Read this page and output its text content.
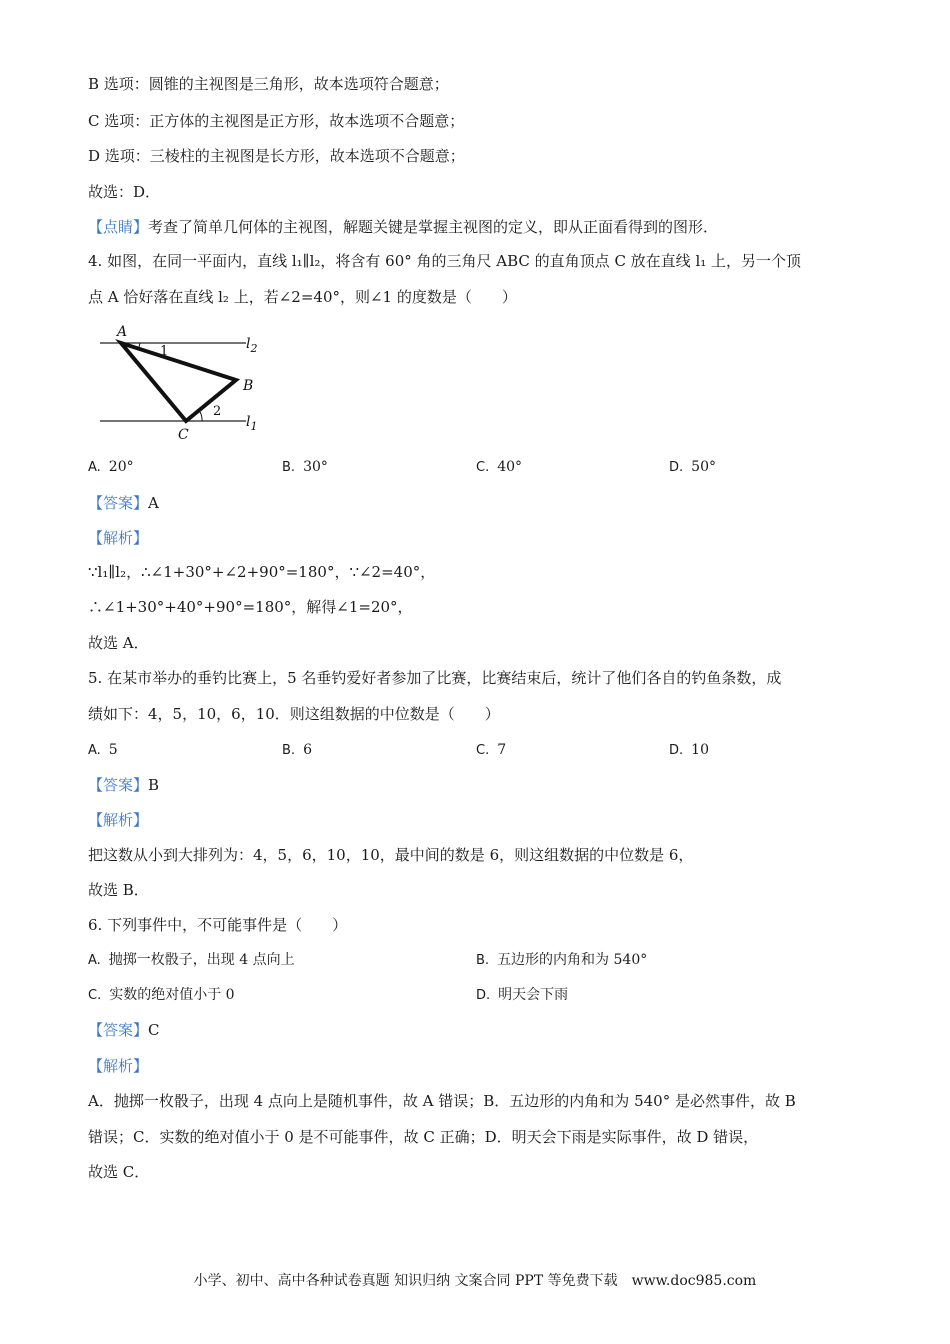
B 选项：圆锥的主视图是三角形，故本选项符合题意；
C 选项：正方体的主视图是正方形，故本选项不合题意；
D 选项：三棱柱的主视图是长方形，故本选项不合题意；
故选：D．
【点睛】考查了简单几何体的主视图，解题关键是掌握主视图的定义，即从正面看得到的图形．
4. 如图，在同一平面内，直线 l₁∥l₂，将含有 60° 角的三角尺 ABC 的直角顶点 C 放在直线 l₁ 上，另一个顶
点 A 恰好落在直线 l₂ 上，若∠2=40°，则∠1 的度数是（　　）
A
B
C
$l_2$
$l_1$
1
2
A. 20°	B. 30°	C. 40°	D. 50°
【答案】A
【解析】
∵l₁∥l₂，∴∠1+30°+∠2+90°=180°，∵∠2=40°，
∴∠1+30°+40°+90°=180°，解得∠1=20°，
故选 A．
5. 在某市举办的垂钓比赛上，5 名垂钓爱好者参加了比赛，比赛结束后，统计了他们各自的钓鱼条数，成
绩如下：4，5，10，6，10．则这组数据的中位数是（　　）
A. 5	B. 6	C. 7	D. 10
【答案】B
【解析】
把这数从小到大排列为：4，5，6，10，10，最中间的数是 6，则这组数据的中位数是 6，
故选 B．
6. 下列事件中，不可能事件是（　　）
A. 抛掷一枚骰子，出现 4 点向上	B. 五边形的内角和为 540°
C. 实数的绝对值小于 0	D. 明天会下雨
【答案】C
【解析】
A．抛掷一枚骰子，出现 4 点向上是随机事件，故 A 错误；B．五边形的内角和为 540° 是必然事件，故 B
错误；C．实数的绝对值小于 0 是不可能事件，故 C 正确；D．明天会下雨是实际事件，故 D 错误，
故选 C．
小学、初中、高中各种试卷真题 知识归纳 文案合同 PPT 等免费下载　www.doc985.com
